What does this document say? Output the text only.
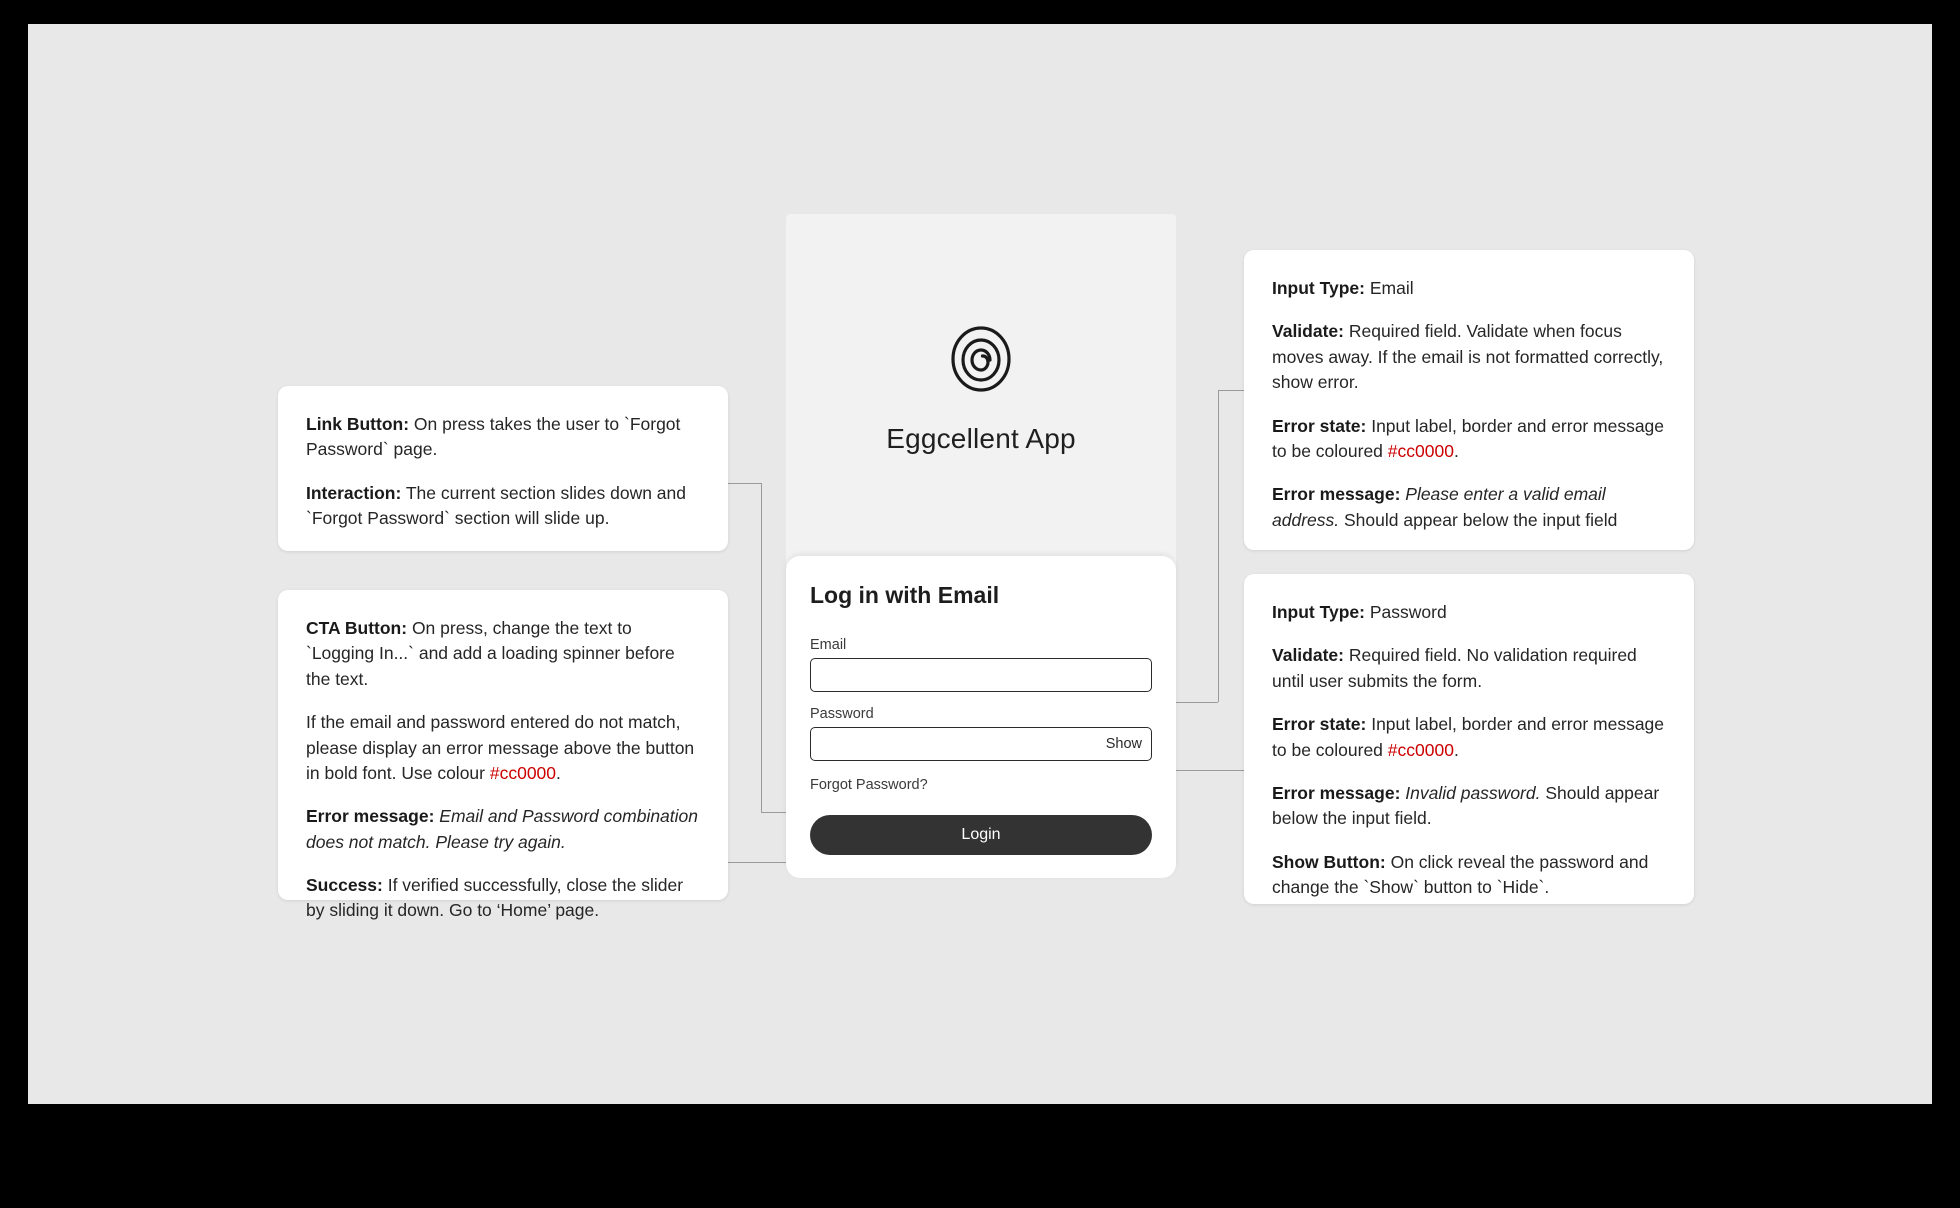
Link Button: On press takes the user to `Forgot Password` page.

Interaction: The current section slides down and `Forgot Password` section will slide up.

CTA Button: On press, change the text to `Logging In...` and add a loading spinner before the text.

If the email and password entered do not match, please display an error message above the button in bold font. Use colour #cc0000.

Error message: Email and Password combination does not match. Please try again.

Success: If verified successfully, close the slider by sliding it down. Go to ‘Home’ page.

Input Type: Email

Validate: Required field. Validate when focus moves away. If the email is not formatted correctly, show error.

Error state: Input label, border and error message to be coloured #cc0000.

Error message: Please enter a valid email address. Should appear below the input field

Input Type: Password

Validate: Required field. No validation required until user submits the form.

Error state: Input label, border and error message to be coloured #cc0000.

Error message: Invalid password. Should appear below the input field.

Show Button: On click reveal the password and change the `Show` button to `Hide`.

Eggcellent App
Log in with Email
Email
Password
Show
Forgot Password?
Login
